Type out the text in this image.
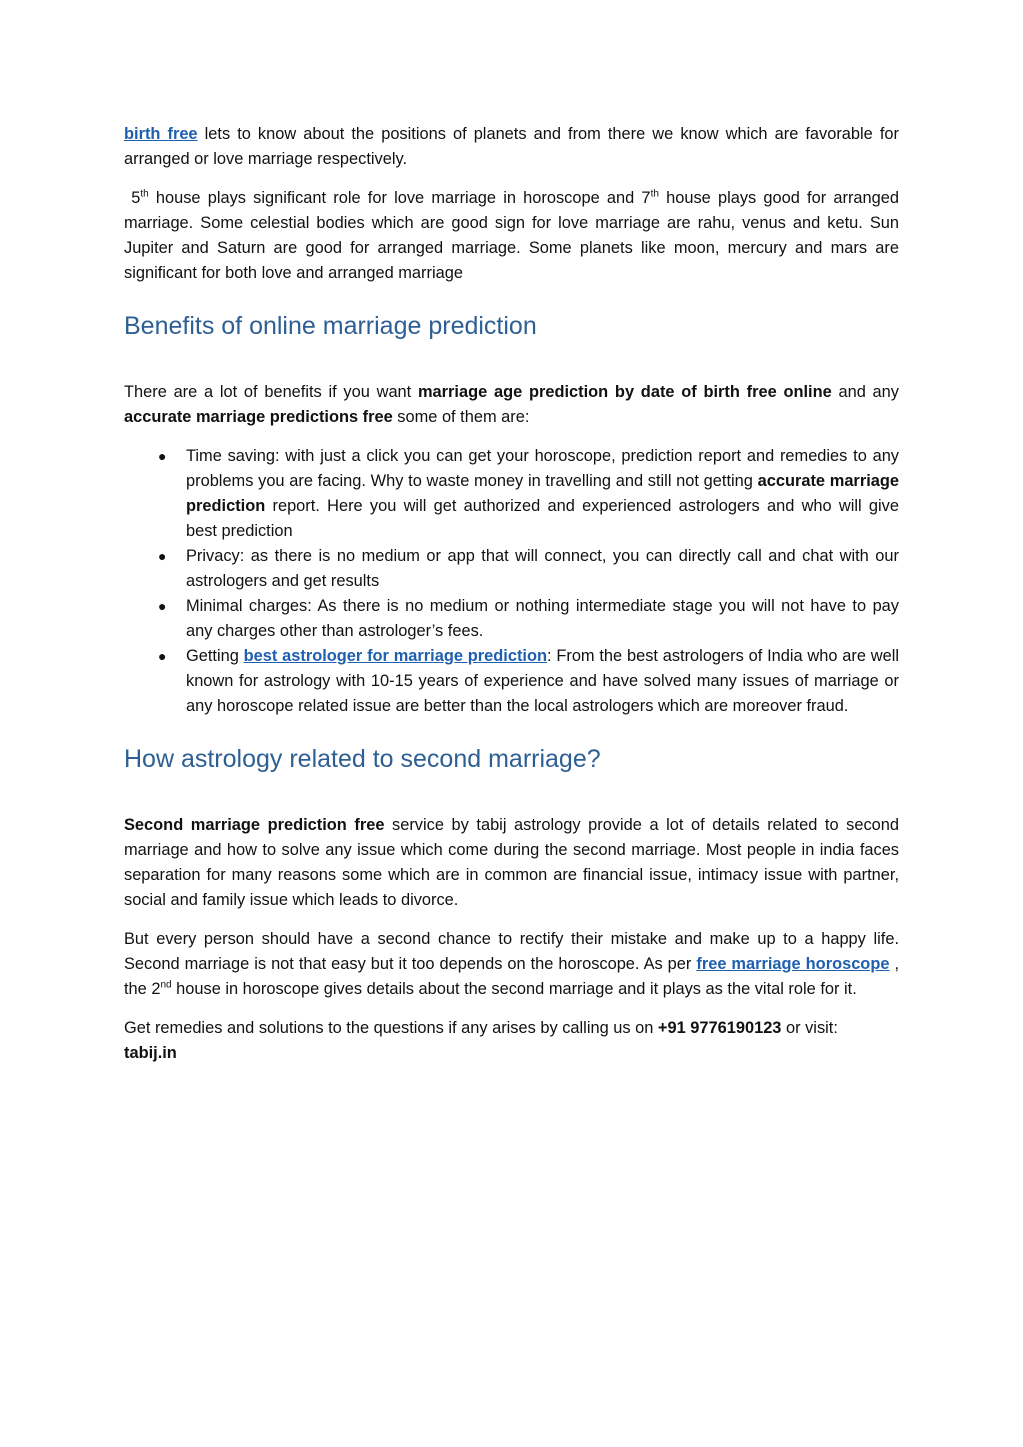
birth free lets to know about the positions of planets and from there we know which are favorable for arranged or love marriage respectively.

5th house plays significant role for love marriage in horoscope and 7th house plays good for arranged marriage. Some celestial bodies which are good sign for love marriage are rahu, venus and ketu. Sun Jupiter and Saturn are good for arranged marriage. Some planets like moon, mercury and mars are significant for both love and arranged marriage

Benefits of online marriage prediction

There are a lot of benefits if you want marriage age prediction by date of birth free online and any accurate marriage predictions free some of them are:

● Time saving: with just a click you can get your horoscope, prediction report and remedies to any problems you are facing. Why to waste money in travelling and still not getting accurate marriage prediction report. Here you will get authorized and experienced astrologers and who will give best prediction
● Privacy: as there is no medium or app that will connect, you can directly call and chat with our astrologers and get results
● Minimal charges: As there is no medium or nothing intermediate stage you will not have to pay any charges other than astrologer’s fees.
● Getting best astrologer for marriage prediction: From the best astrologers of India who are well known for astrology with 10-15 years of experience and have solved many issues of marriage or any horoscope related issue are better than the local astrologers which are moreover fraud.
How astrology related to second marriage?

Second marriage prediction free service by tabij astrology provide a lot of details related to second marriage and how to solve any issue which come during the second marriage. Most people in india faces separation for many reasons some which are in common are financial issue, intimacy issue with partner, social and family issue which leads to divorce.

But every person should have a second chance to rectify their mistake and make up to a happy life. Second marriage is not that easy but it too depends on the horoscope. As per free marriage horoscope , the 2nd house in horoscope gives details about the second marriage and it plays as the vital role for it.

Get remedies and solutions to the questions if any arises by calling us on +91 9776190123 or visit:
tabij.in
